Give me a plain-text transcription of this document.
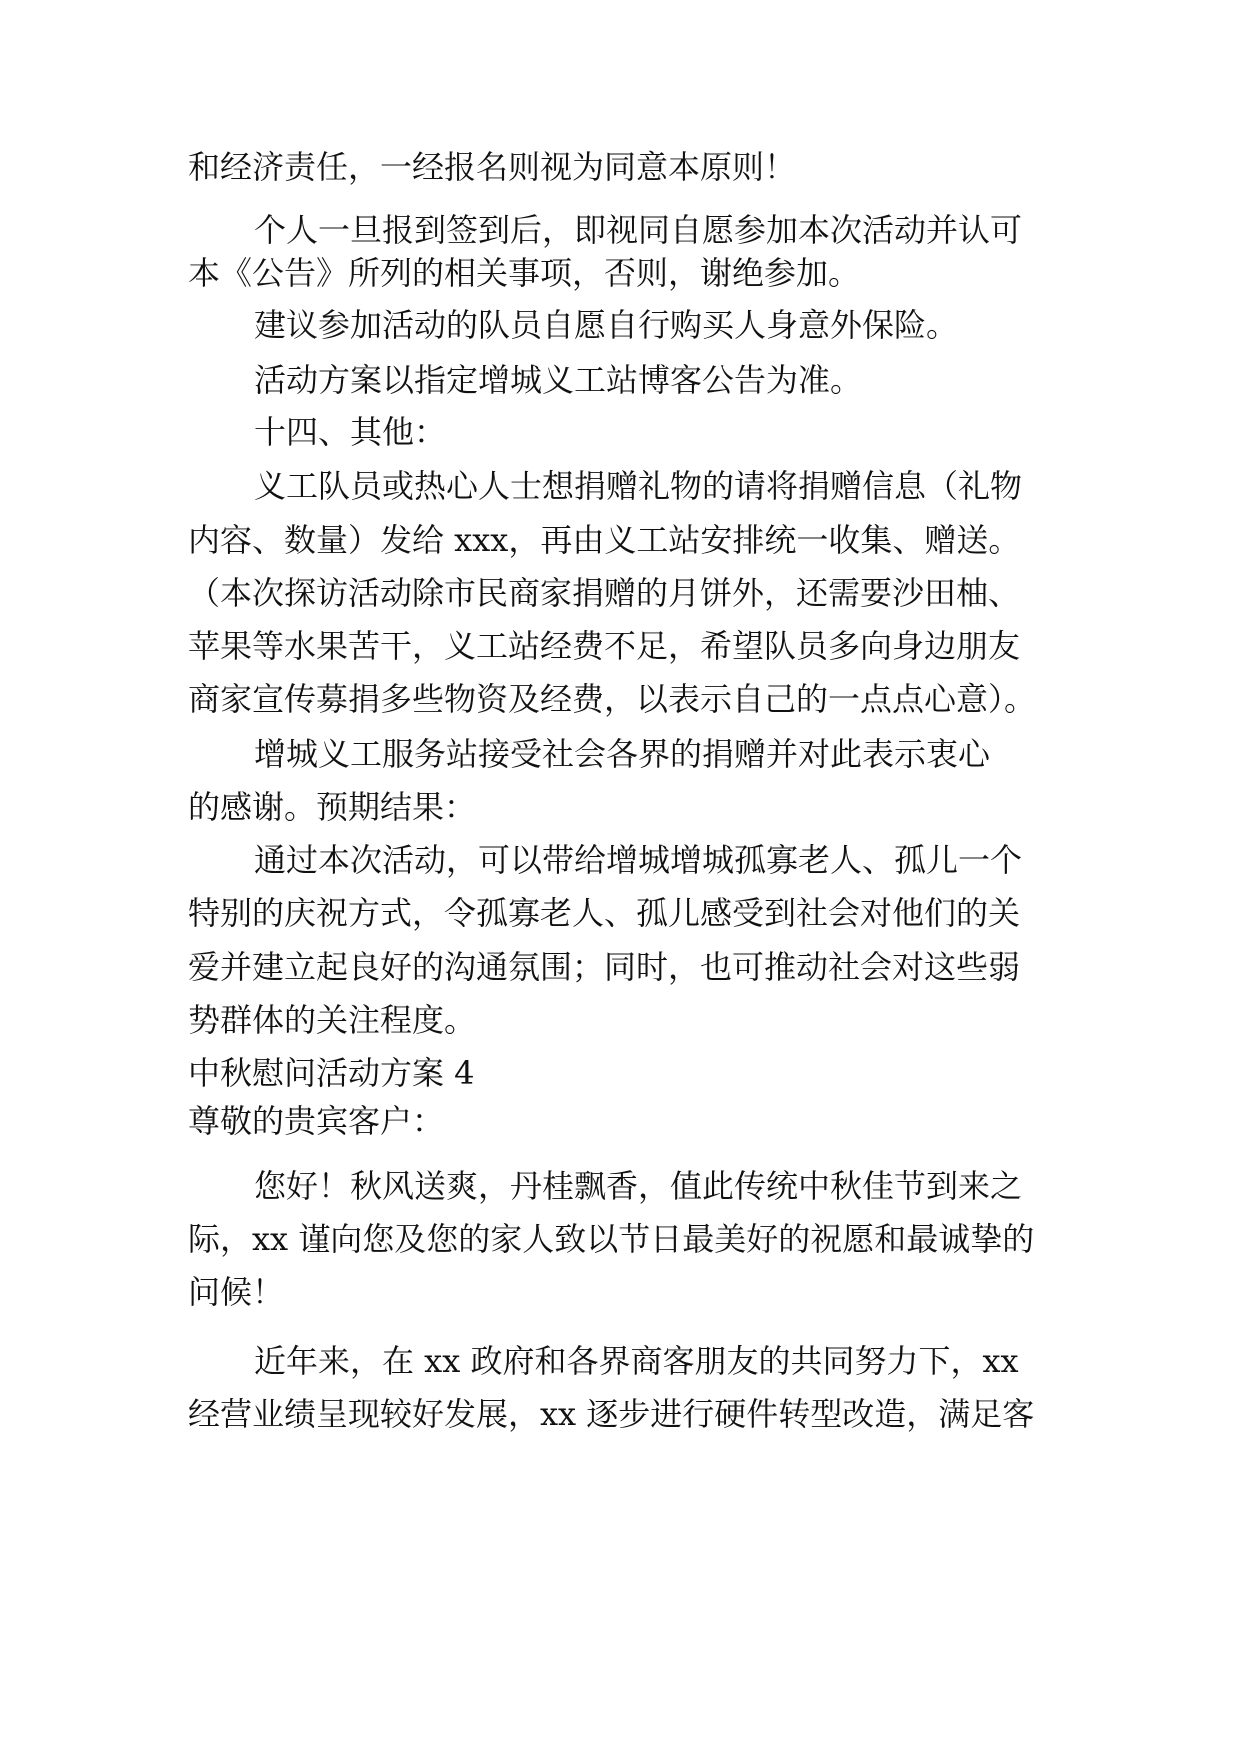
和经济责任，一经报名则视为同意本原则！
个人一旦报到签到后，即视同自愿参加本次活动并认可
本《公告》所列的相关事项，否则，谢绝参加。
建议参加活动的队员自愿自行购买人身意外保险。
活动方案以指定增城义工站博客公告为准。
十四、其他：
义工队员或热心人士想捐赠礼物的请将捐赠信息（礼物
内容、数量）发给 xxx，再由义工站安排统一收集、赠送。
（本次探访活动除市民商家捐赠的月饼外，还需要沙田柚、
苹果等水果苦干，义工站经费不足，希望队员多向身边朋友
商家宣传募捐多些物资及经费，以表示自己的一点点心意）。
增城义工服务站接受社会各界的捐赠并对此表示衷心
的感谢。预期结果：
通过本次活动，可以带给增城增城孤寡老人、孤儿一个
特别的庆祝方式，令孤寡老人、孤儿感受到社会对他们的关
爱并建立起良好的沟通氛围；同时，也可推动社会对这些弱
势群体的关注程度。
中秋慰问活动方案 4
尊敬的贵宾客户：
您好！秋风送爽，丹桂飘香，值此传统中秋佳节到来之
际，xx 谨向您及您的家人致以节日最美好的祝愿和最诚挚的
问候！
近年来，在 xx 政府和各界商客朋友的共同努力下，xx
经营业绩呈现较好发展，xx 逐步进行硬件转型改造，满足客
